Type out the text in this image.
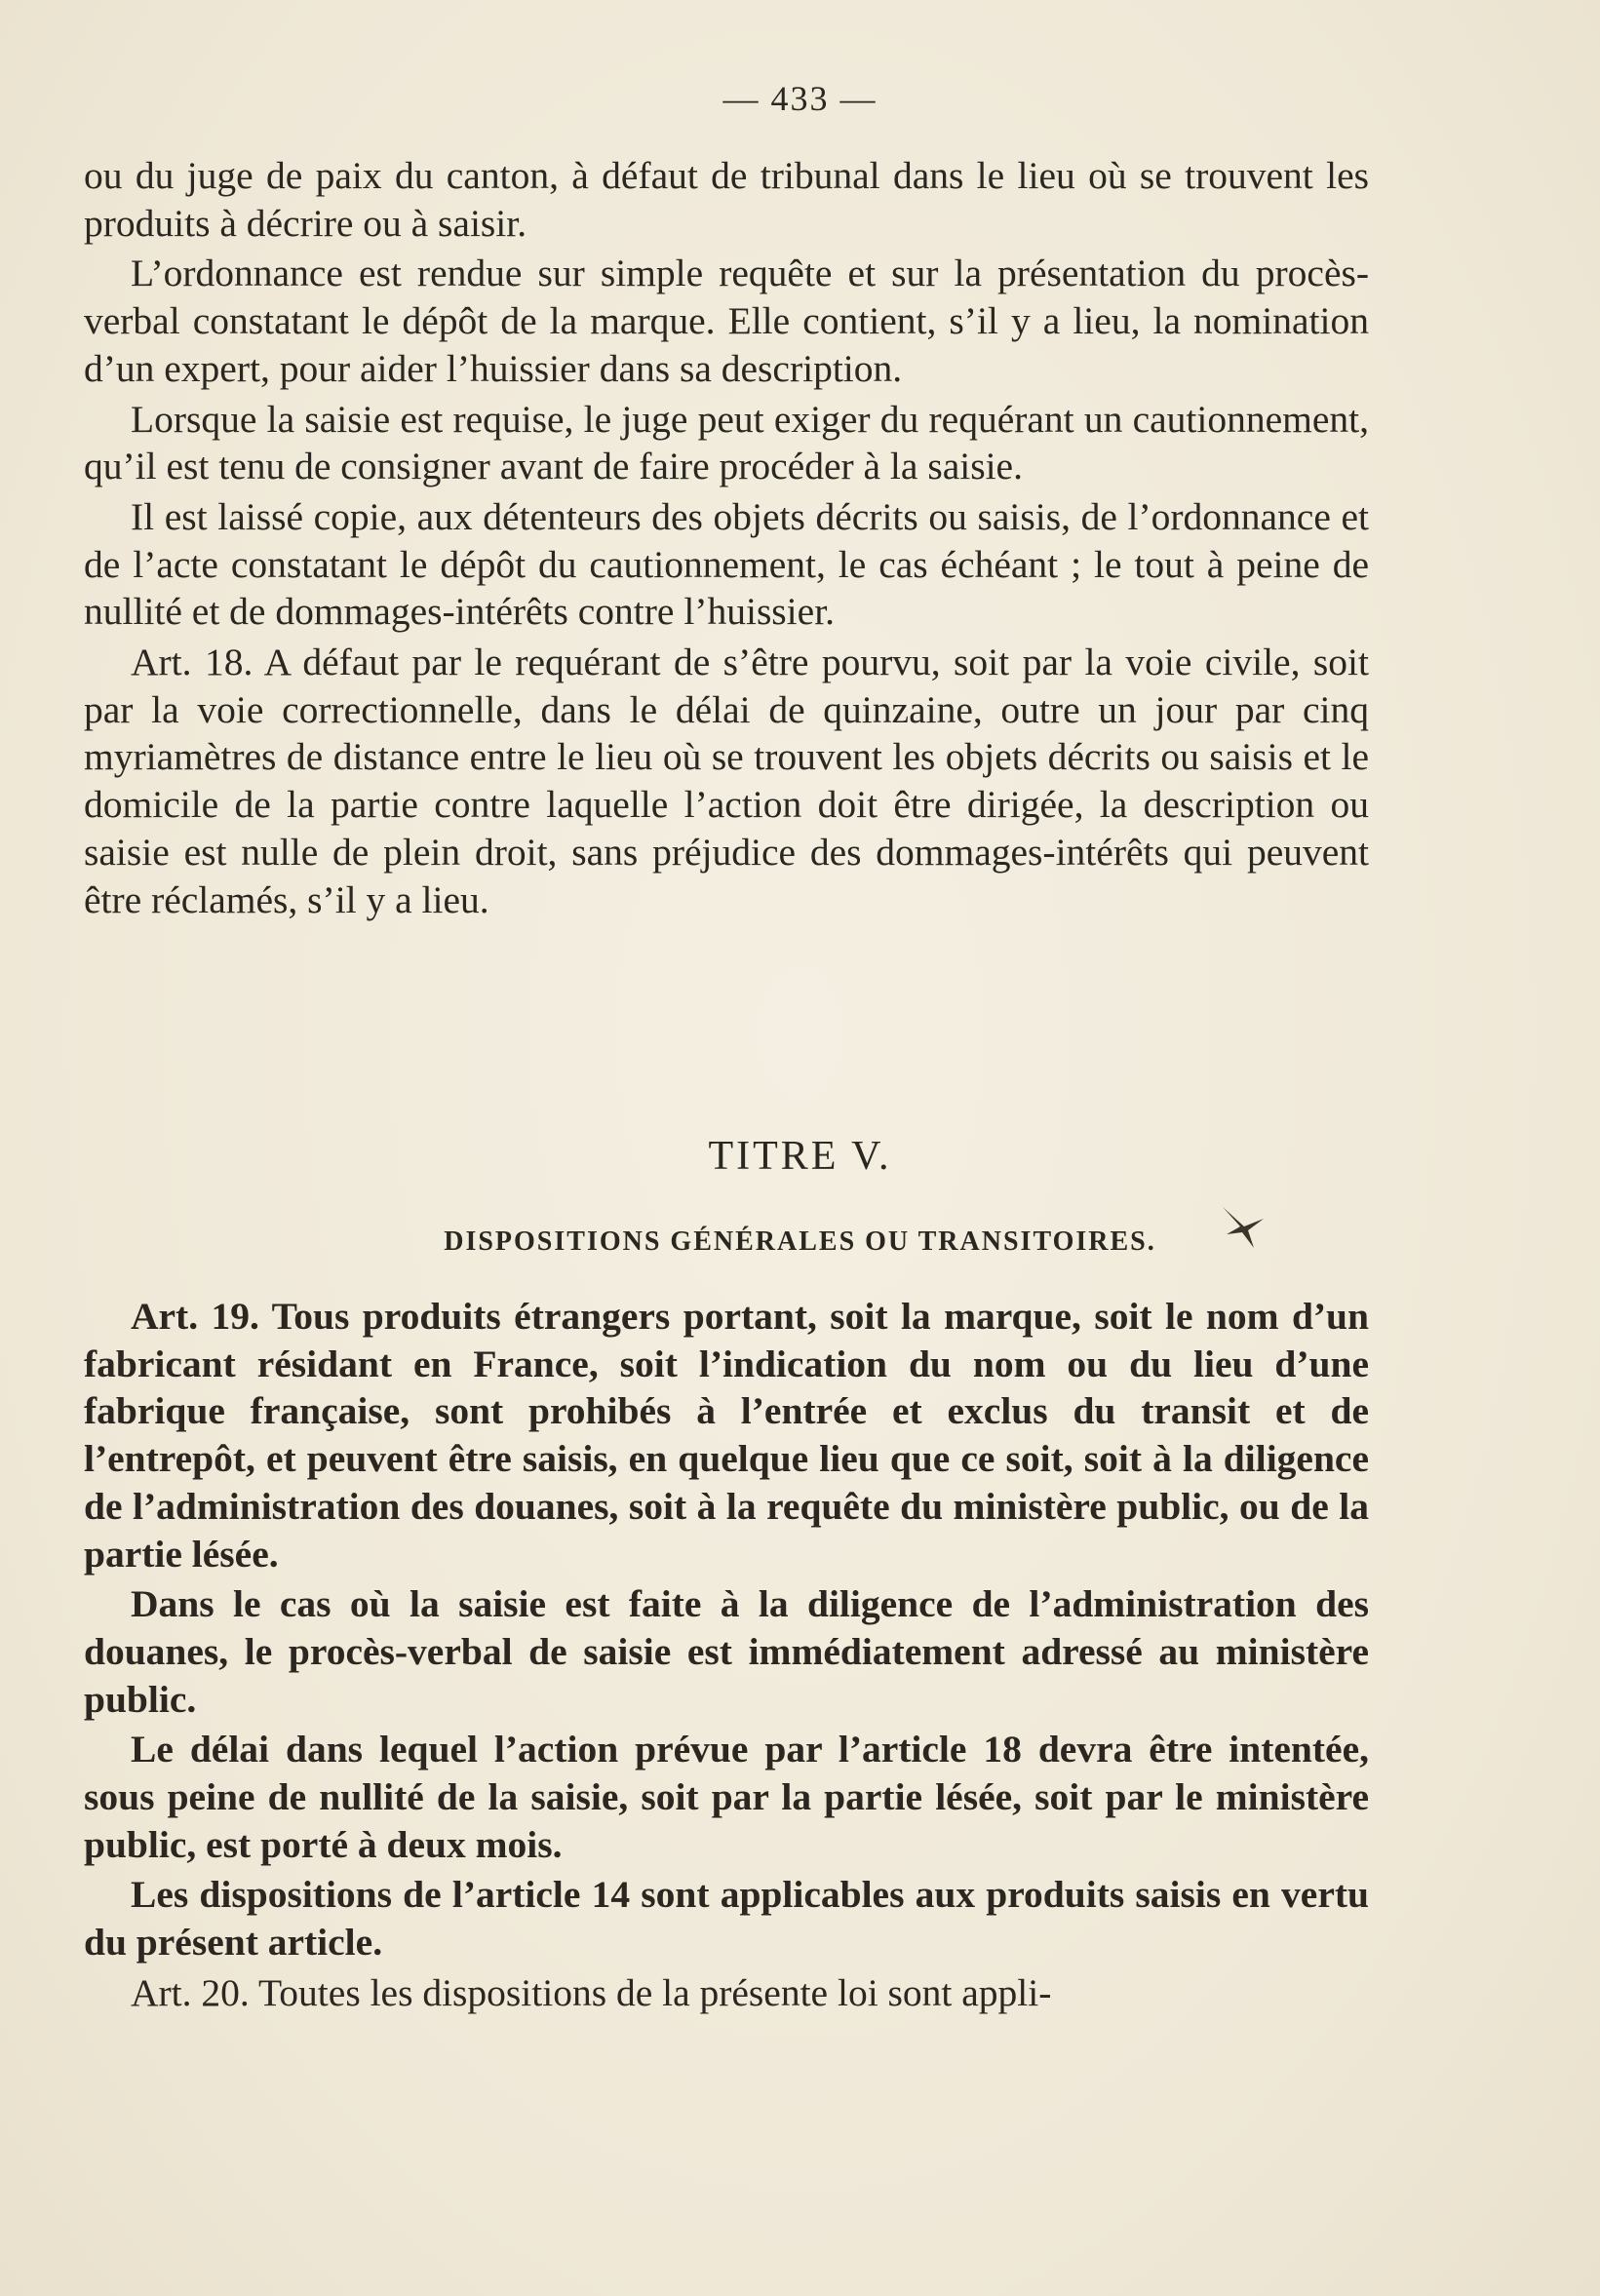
— 433 —

ou du juge de paix du canton, à défaut de tribunal dans le lieu où se trouvent les produits à décrire ou à saisir.

L’ordonnance est rendue sur simple requête et sur la présentation du procès-verbal constatant le dépôt de la marque. Elle contient, s’il y a lieu, la nomination d’un expert, pour aider l’huissier dans sa description.

Lorsque la saisie est requise, le juge peut exiger du requérant un cautionnement, qu’il est tenu de consigner avant de faire procéder à la saisie.

Il est laissé copie, aux détenteurs des objets décrits ou saisis, de l’ordonnance et de l’acte constatant le dépôt du cautionnement, le cas échéant ; le tout à peine de nullité et de dommages-intérêts contre l’huissier.

Art. 18. A défaut par le requérant de s’être pourvu, soit par la voie civile, soit par la voie correctionnelle, dans le délai de quinzaine, outre un jour par cinq myriamètres de distance entre le lieu où se trouvent les objets décrits ou saisis et le domicile de la partie contre laquelle l’action doit être dirigée, la description ou saisie est nulle de plein droit, sans préjudice des dommages-intérêts qui peuvent être réclamés, s’il y a lieu.

TITRE V.
DISPOSITIONS GÉNÉRALES OU TRANSITOIRES.

Art. 19. Tous produits étrangers portant, soit la marque, soit le nom d’un fabricant résidant en France, soit l’indication du nom ou du lieu d’une fabrique française, sont prohibés à l’entrée et exclus du transit et de l’entrepôt, et peuvent être saisis, en quelque lieu que ce soit, soit à la diligence de l’administration des douanes, soit à la requête du ministère public, ou de la partie lésée.

Dans le cas où la saisie est faite à la diligence de l’administration des douanes, le procès-verbal de saisie est immédiatement adressé au ministère public.

Le délai dans lequel l’action prévue par l’article 18 devra être intentée, sous peine de nullité de la saisie, soit par la partie lésée, soit par le ministère public, est porté à deux mois.

Les dispositions de l’article 14 sont applicables aux produits saisis en vertu du présent article.

Art. 20. Toutes les dispositions de la présente loi sont appli-
